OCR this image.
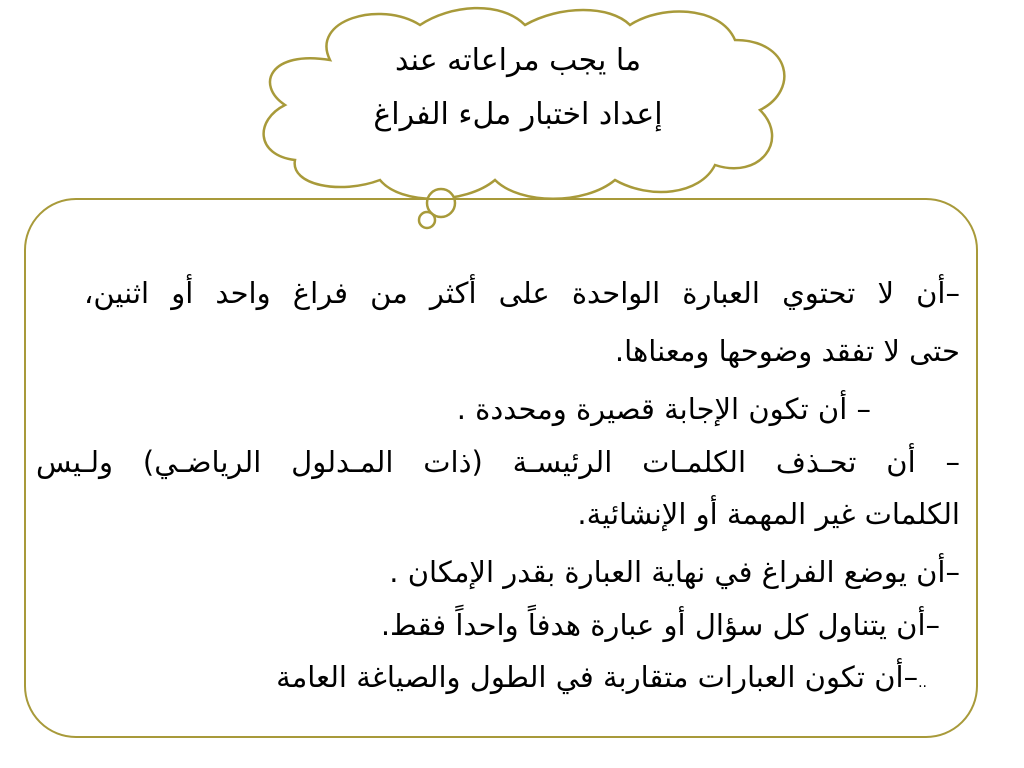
ما يجب مراعاته عند
إعداد اختبار ملء الفراغ
–أن لا تحتوي العبارة الواحدة على أكثر من فراغ واحد أو اثنين،
حتى لا تفقد وضوحها ومعناها.
– أن تكون الإجابة قصيرة ومحددة .
– أن تحـذف الكلمـات الرئيسـة (ذات المـدلول الرياضـي) ولـيس
الكلمات غير المهمة أو الإنشائية.
–أن يوضع الفراغ في نهاية العبارة بقدر الإمكان .
–أن يتناول كل سؤال أو عبارة هدفاً واحداً فقط.
..–أن تكون العبارات متقاربة في الطول والصياغة العامة
